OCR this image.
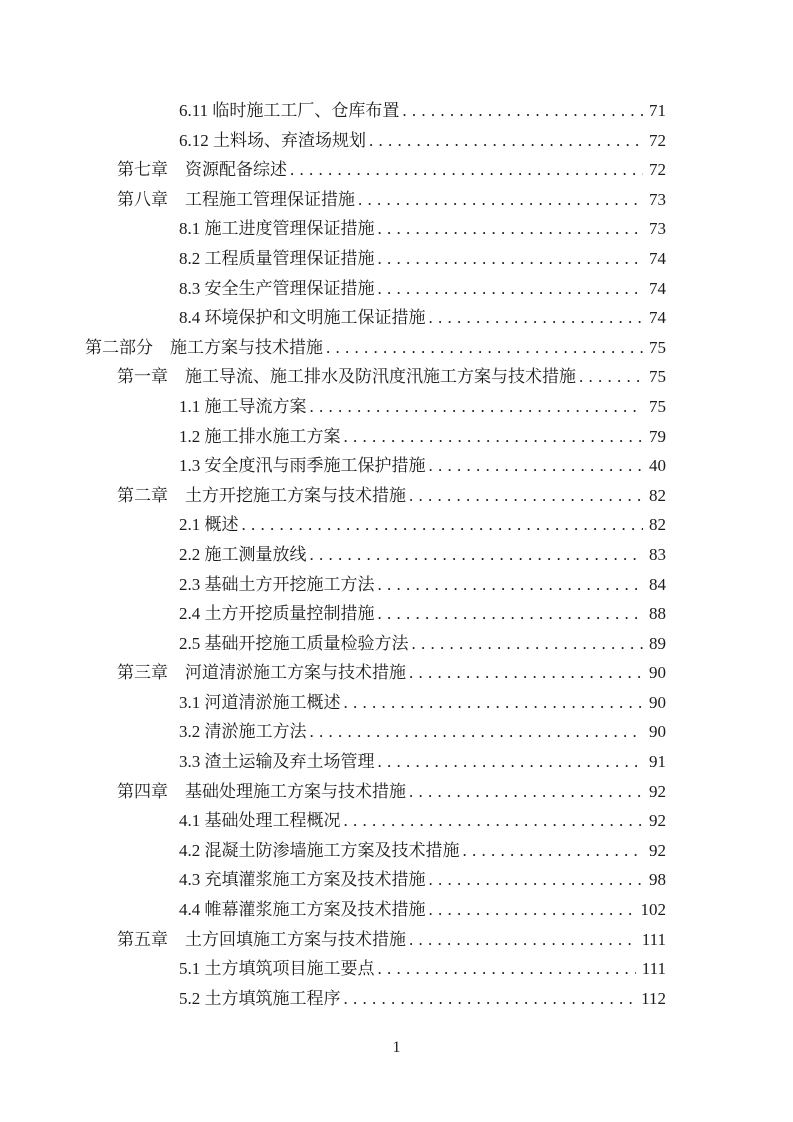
6.11 临时施工工厂、仓库布置 . . .	71
6.12 土料场、弃渣场规划 . . .	72
第七章　资源配备综述 . . .	72
第八章　工程施工管理保证措施 . . .	73
8.1 施工进度管理保证措施 . . .	73
8.2 工程质量管理保证措施 . . .	74
8.3 安全生产管理保证措施 . . .	74
8.4 环境保护和文明施工保证措施 . . .	74
第二部分　施工方案与技术措施 . . .	75
第一章　施工导流、施工排水及防汛度汛施工方案与技术措施 . . .	75
1.1 施工导流方案 . . .	75
1.2 施工排水施工方案 . . .	79
1.3 安全度汛与雨季施工保护措施 . . .	40
第二章　土方开挖施工方案与技术措施 . . .	82
2.1 概述 . . .	82
2.2 施工测量放线 . . .	83
2.3 基础土方开挖施工方法 . . .	84
2.4 土方开挖质量控制措施 . . .	88
2.5 基础开挖施工质量检验方法 . . .	89
第三章　河道清淤施工方案与技术措施 . . .	90
3.1 河道清淤施工概述 . . .	90
3.2 清淤施工方法 . . .	90
3.3 渣土运输及弃土场管理 . . .	91
第四章　基础处理施工方案与技术措施 . . .	92
4.1 基础处理工程概况 . . .	92
4.2 混凝土防渗墙施工方案及技术措施 . . .	92
4.3 充填灌浆施工方案及技术措施 . . .	98
4.4 帷幕灌浆施工方案及技术措施 . . .	102
第五章　土方回填施工方案与技术措施 . . .	111
5.1 土方填筑项目施工要点 . . .	111
5.2 土方填筑施工程序 . . .	112
1
